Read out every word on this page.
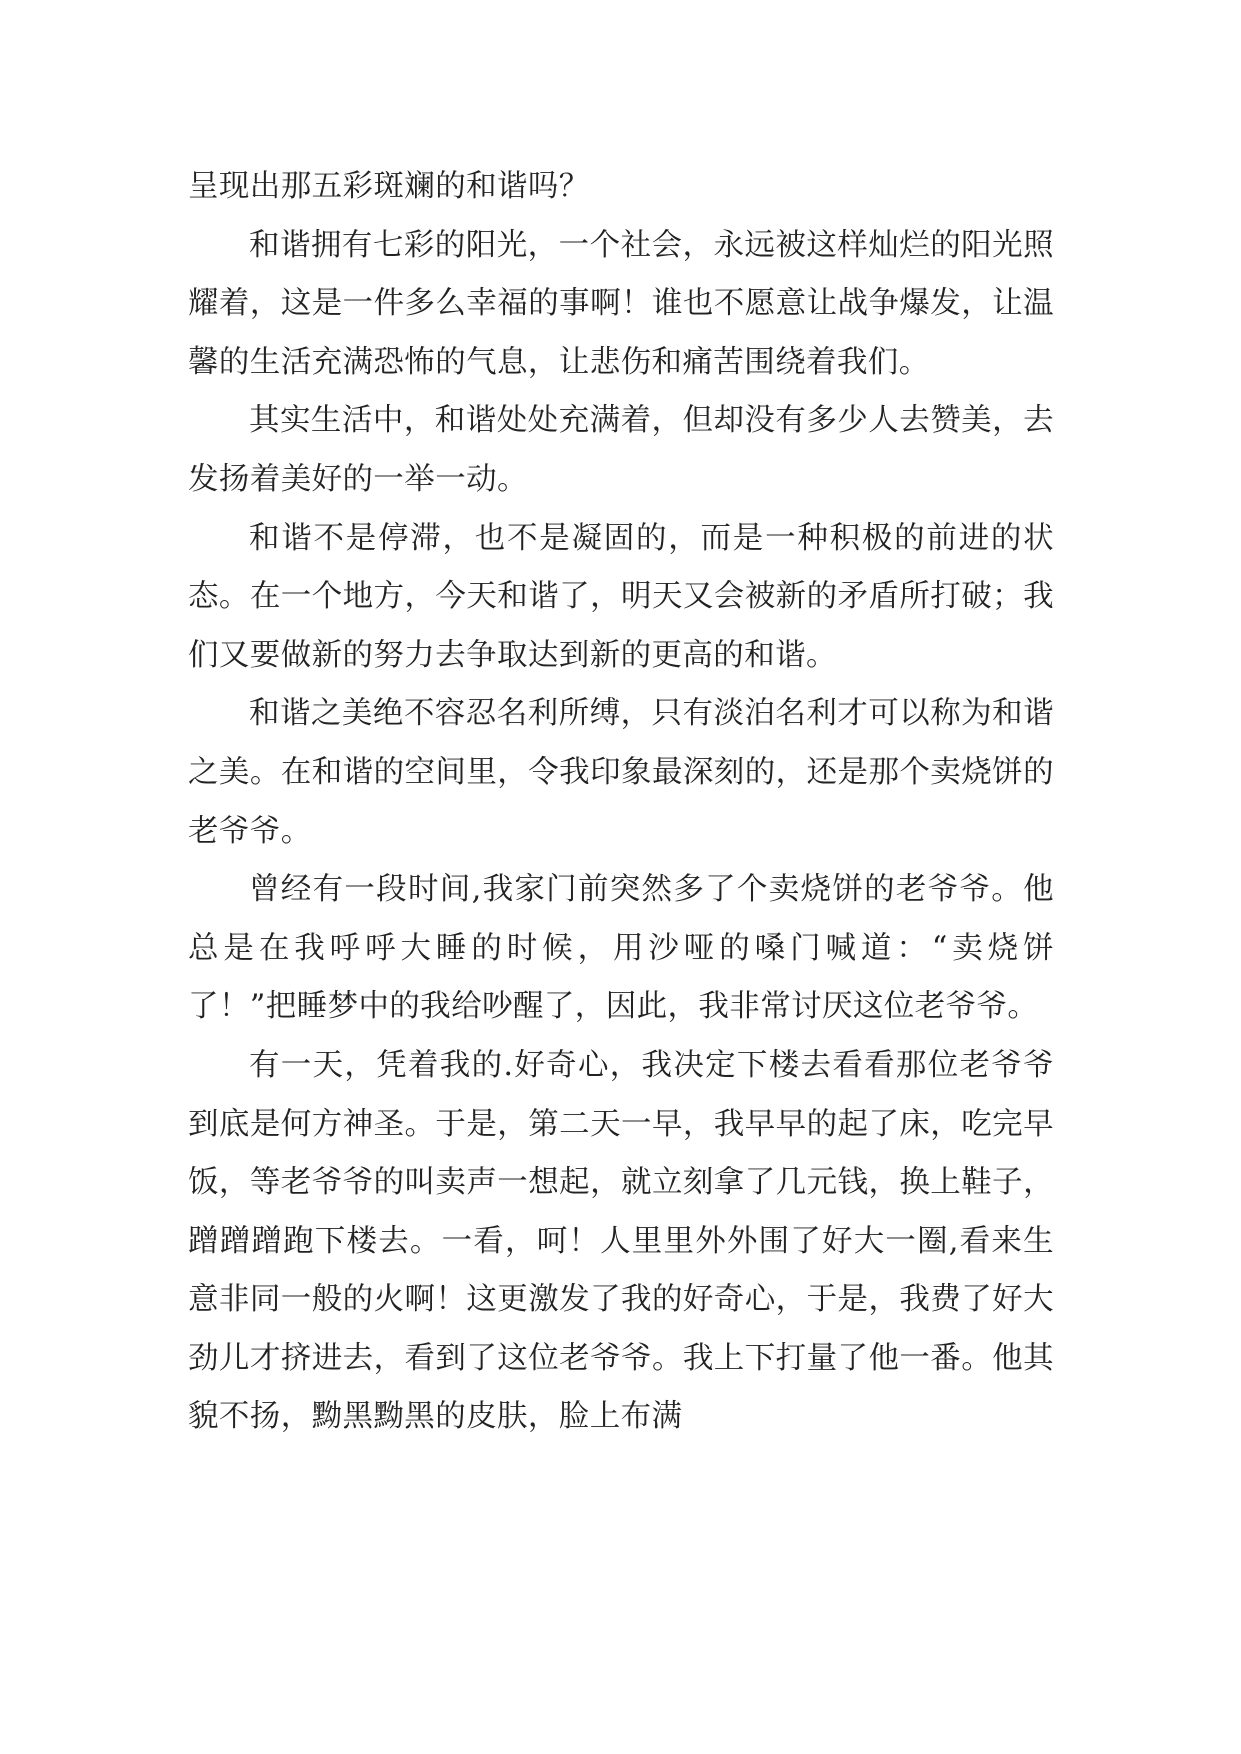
呈现出那五彩斑斓的和谐吗？

和谐拥有七彩的阳光，一个社会，永远被这样灿烂的阳光照耀着，这是一件多么幸福的事啊！谁也不愿意让战争爆发，让温馨的生活充满恐怖的气息，让悲伤和痛苦围绕着我们。

其实生活中，和谐处处充满着，但却没有多少人去赞美，去发扬着美好的一举一动。

和谐不是停滞，也不是凝固的，而是一种积极的前进的状态。在一个地方，今天和谐了，明天又会被新的矛盾所打破；我们又要做新的努力去争取达到新的更高的和谐。

和谐之美绝不容忍名利所缚，只有淡泊名利才可以称为和谐之美。在和谐的空间里，令我印象最深刻的，还是那个卖烧饼的老爷爷。

曾经有一段时间,我家门前突然多了个卖烧饼的老爷爷。他总是在我呼呼大睡的时候，用沙哑的嗓门喊道：“卖烧饼了！”把睡梦中的我给吵醒了，因此，我非常讨厌这位老爷爷。

有一天，凭着我的.好奇心，我决定下楼去看看那位老爷爷到底是何方神圣。于是，第二天一早，我早早的起了床，吃完早饭，等老爷爷的叫卖声一想起，就立刻拿了几元钱，换上鞋子，蹭蹭蹭跑下楼去。一看，呵！人里里外外围了好大一圈,看来生意非同一般的火啊！这更激发了我的好奇心，于是，我费了好大劲儿才挤进去，看到了这位老爷爷。我上下打量了他一番。他其貌不扬，黝黑黝黑的皮肤，脸上布满
